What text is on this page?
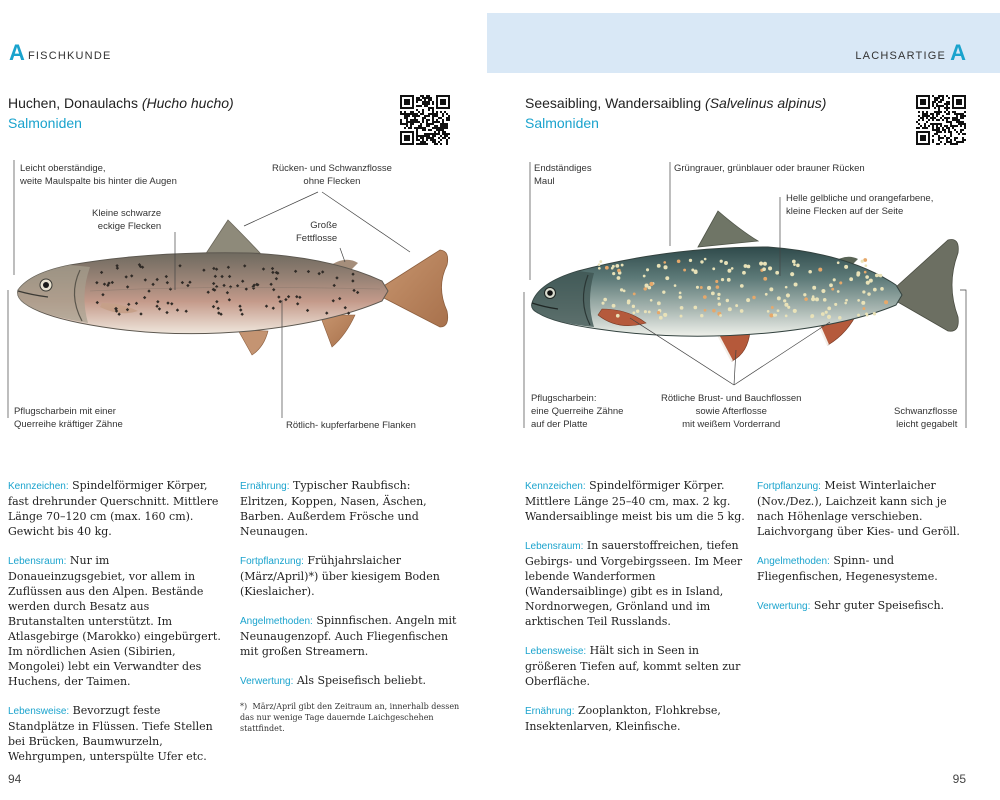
A FISCHKUNDE
Huchen, Donaulachs (Hucho hucho)
Salmoniden
Leicht oberständige,
weite Maulspalte bis hinter die Augen
Kleine schwarze
eckige Flecken
Rücken- und Schwanzflosse
ohne Flecken
Große
Fettflosse
Pflugscharbein mit einer
Querreihe kräftiger Zähne	Rötlich- kupferfarbene Flanken

Kennzeichen: Spindelförmiger Körper, fast drehrunder Querschnitt. Mittlere Länge 70–120 cm (max. 160 cm). Gewicht bis 40 kg.

Lebensraum: Nur im Donaueinzugsgebiet, vor allem in Zuflüssen aus den Alpen. Bestände werden durch Besatz aus Brutanstalten unterstützt. Im Atlasgebirge (Marokko) eingebürgert. Im nördlichen Asien (Sibirien, Mongolei) lebt ein Verwandter des Huchens, der Taimen.

Lebensweise: Bevorzugt feste Standplätze in Flüssen. Tiefe Stellen bei Brücken, Baumwurzeln, Wehrgumpen, unterspülte Ufer etc.

Ernährung: Typischer Raubfisch: Elritzen, Koppen, Nasen, Äschen, Barben. Außerdem Frösche und Neunaugen.

Fortpflanzung: Frühjahrslaicher (März/April)*) über kiesigem Boden (Kieslaicher).

Angelmethoden: Spinnfischen. Angeln mit Neunaugenzopf. Auch Fliegenfischen mit großen Streamern.

Verwertung: Als Speisefisch beliebt.

*) März/April gibt den Zeitraum an, innerhalb dessen das nur wenige Tage dauernde Laichgeschehen stattfindet.
94
LACHSARTIGE A
Seesaibling, Wandersaibling (Salvelinus alpinus)
Salmoniden
Endständiges
Maul
Grüngrauer, grünblauer oder brauner Rücken
Helle gelbliche und orangefarbene,
kleine Flecken auf der Seite
Pflugscharbein:
eine Querreihe Zähne
auf der Platte
Rötliche Brust- und Bauchflossen
sowie Afterflosse
mit weißem Vorderrand
Schwanzflosse
leicht gegabelt

Kennzeichen: Spindelförmiger Körper. Mittlere Länge 25–40 cm, max. 2 kg. Wandersaiblinge meist bis um die 5 kg.

Lebensraum: In sauerstoffreichen, tiefen Gebirgs- und Vorgebirgsseen. Im Meer lebende Wanderformen (Wandersaiblinge) gibt es in Island, Nordnorwegen, Grönland und im arktischen Teil Russlands.

Lebensweise: Hält sich in Seen in größeren Tiefen auf, kommt selten zur Oberfläche.

Ernährung: Zooplankton, Flohkrebse, Insektenlarven, Kleinfische.

Fortpflanzung: Meist Winterlaicher (Nov./Dez.), Laichzeit kann sich je nach Höhenlage verschieben. Laichvorgang über Kies- und Geröll.

Angelmethoden: Spinn- und Fliegenfischen, Hegenesysteme.

Verwertung: Sehr guter Speisefisch.

95
